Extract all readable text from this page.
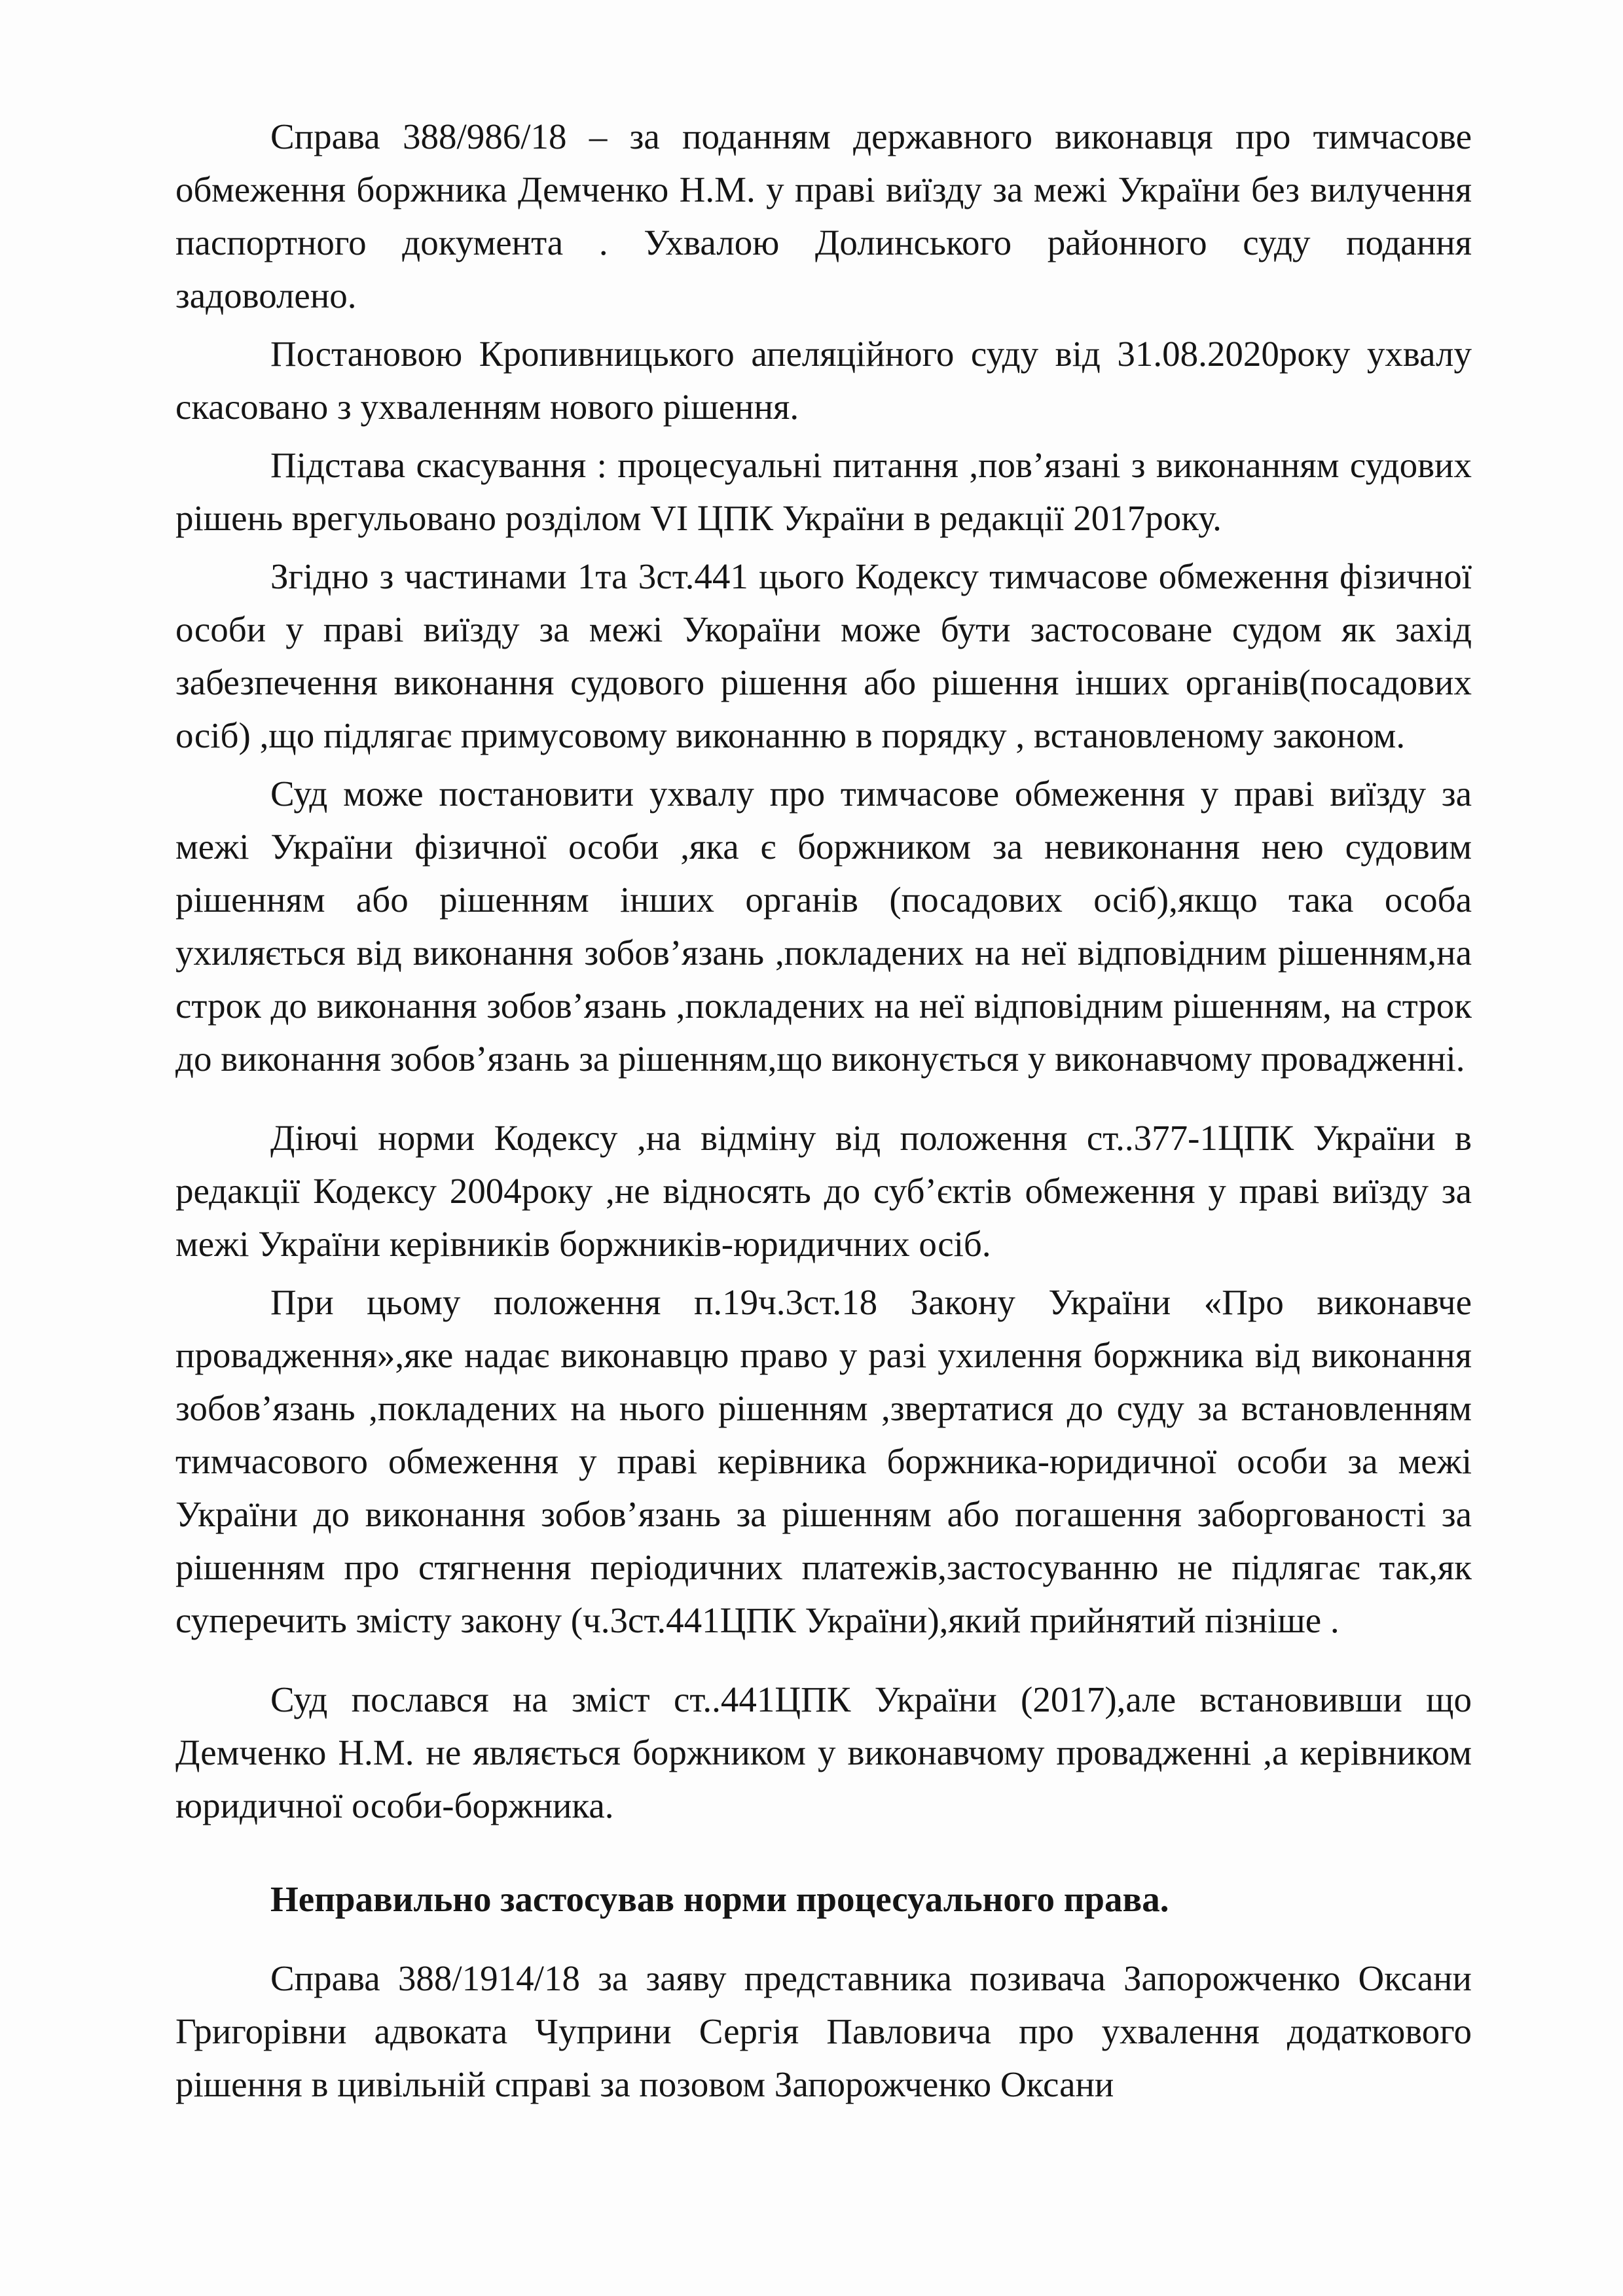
Справа 388/986/18 – за поданням державного виконавця про тимчасове обмеження боржника Демченко Н.М. у праві виїзду за межі України без вилучення паспортного документа . Ухвалою Долинського районного суду подання задоволено.

Постановою Кропивницького апеляційного суду від 31.08.2020року ухвалу скасовано з ухваленням нового рішення.

Підстава скасування : процесуальні питання ,пов’язані з виконанням судових рішень врегульовано розділом VI ЦПК України в редакції 2017року.

Згідно з частинами 1та 3ст.441 цього Кодексу тимчасове обмеження фізичної особи у праві виїзду за межі Укораїни може бути застосоване судом як захід забезпечення виконання судового рішення або рішення інших органів(посадових осіб) ,що підлягає примусовому виконанню в порядку , встановленому законом.

Суд може постановити ухвалу про тимчасове обмеження у праві виїзду за межі України фізичної особи ,яка є боржником за невиконання нею судовим рішенням або рішенням інших органів (посадових осіб),якщо така особа ухиляється від виконання зобов’язань ,покладених на неї відповідним рішенням,на строк до виконання зобов’язань ,покладених на неї відповідним рішенням, на строк до виконання зобов’язань за рішенням,що виконується у виконавчому провадженні.

Діючі норми Кодексу ,на відміну від положення ст..377-1ЦПК України в редакції Кодексу 2004року ,не відносять до суб’єктів обмеження у праві виїзду за межі України керівників боржників-юридичних осіб.

При цьому положення п.19ч.3ст.18 Закону України «Про виконавче провадження»,яке надає виконавцю право у разі ухилення боржника від виконання зобов’язань ,покладених на нього рішенням ,звертатися до суду за встановленням тимчасового обмеження у праві керівника боржника-юридичної особи за межі України до виконання зобов’язань за рішенням або погашення заборгованості за рішенням про стягнення періодичних платежів,застосуванню не підлягає так,як суперечить змісту закону (ч.3ст.441ЦПК України),який прийнятий пізніше .

Суд послався на зміст ст..441ЦПК України (2017),але встановивши що Демченко Н.М. не являється боржником у виконавчому провадженні ,а керівником юридичної особи-боржника.

Неправильно застосував норми процесуального права.

Справа 388/1914/18 за заяву представника позивача Запорожченко Оксани Григорівни адвоката Чуприни Сергія Павловича про ухвалення додаткового рішення в цивільній справі за позовом Запорожченко Оксани
